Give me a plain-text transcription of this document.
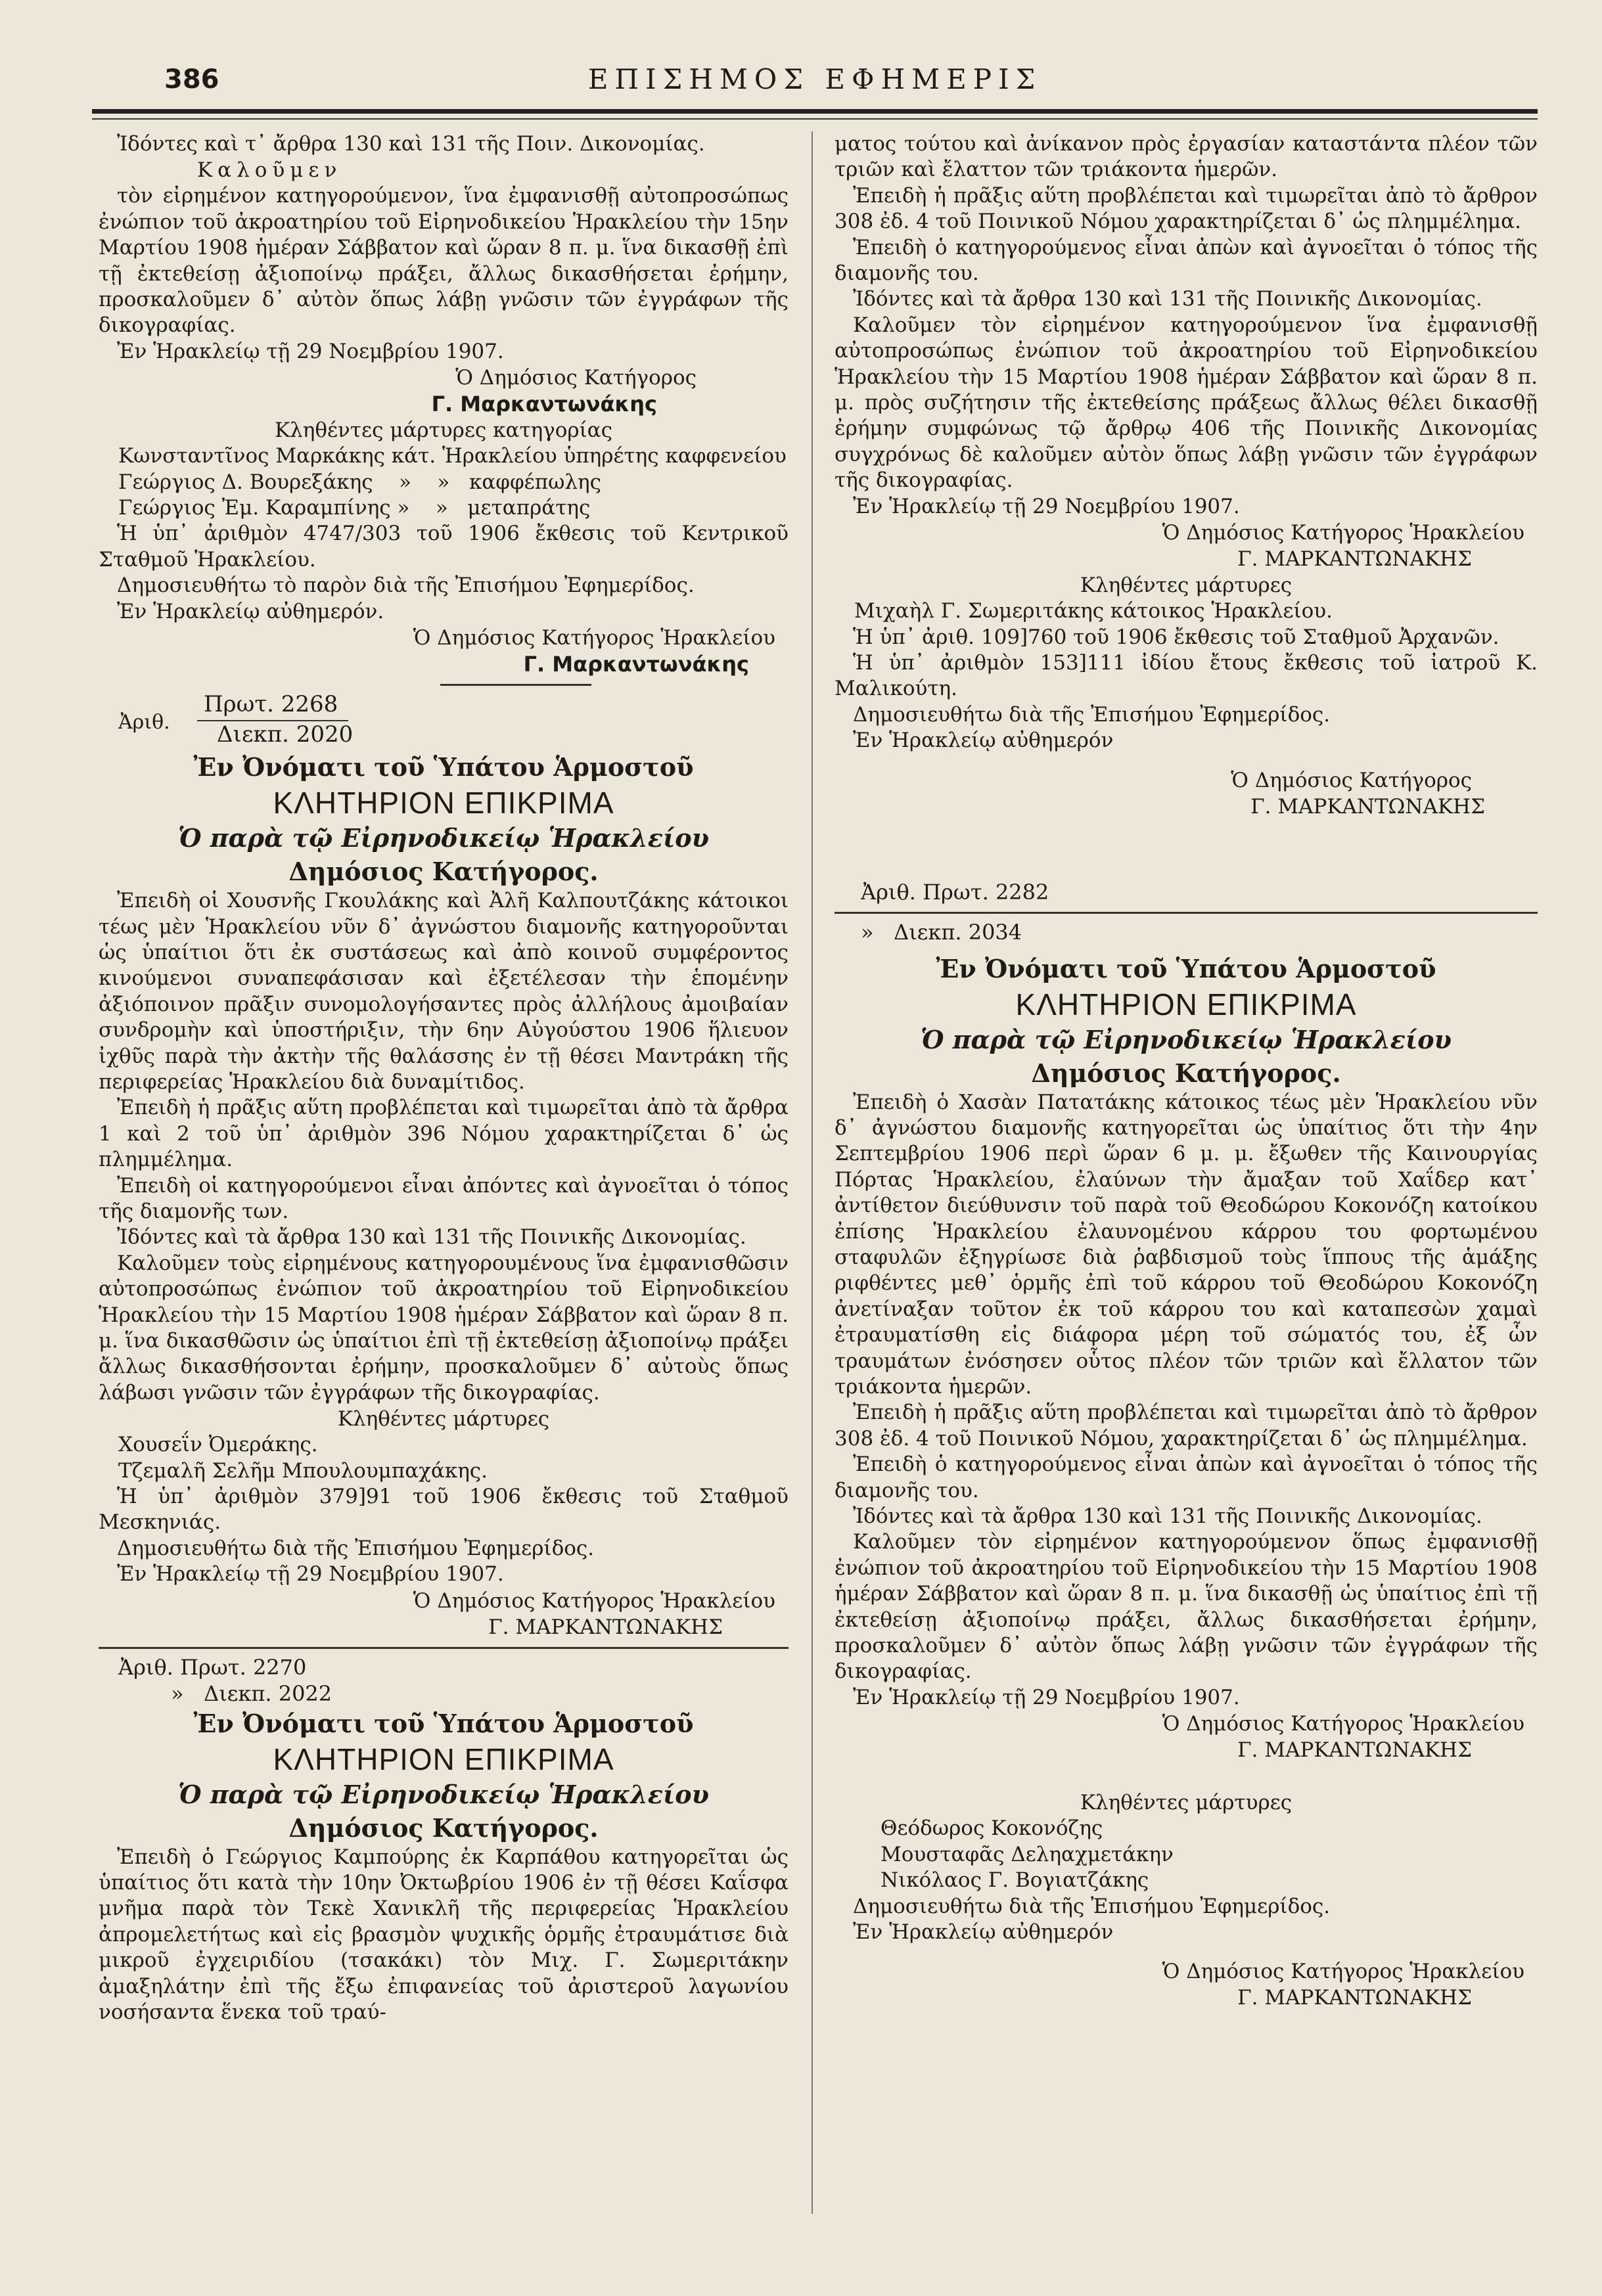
386	ΕΠΙΣΗΜΟΣ ΕΦΗΜΕΡΙΣ

Ἰδόντες καὶ τ᾽ ἄρθρα 130 καὶ 131 τῆς Ποιν. Δικονομίας.

Καλοῦμεν

τὸν εἰρημένον κατηγορούμενον, ἵνα ἐμφανισθῇ αὐτοπροσώπως ἐνώπιον τοῦ ἀκροατηρίου τοῦ Εἰρηνοδικείου Ἡρακλείου τὴν 15ην Μαρτίου 1908 ἡμέραν Σάββατον καὶ ὥραν 8 π. μ. ἵνα δικασθῇ ἐπὶ τῇ ἐκτεθείσῃ ἀξιοποίνῳ πράξει, ἄλλως δικασθήσεται ἐρήμην, προσκαλοῦμεν δ᾽ αὐτὸν ὅπως λάβῃ γνῶσιν τῶν ἐγγράφων τῆς δικογραφίας.

Ἐν Ἡρακλείῳ τῇ 29 Νοεμβρίου 1907.

Ὁ Δημόσιος Κατήγορος

Γ. Μαρκαντωνάκης

Κληθέντες μάρτυρες κατηγορίας

Κωνσταντῖνος Μαρκάκης κάτ. Ἡρακλείου ὑπηρέτης καφφενείου

Γεώργιος Δ. Βουρεξάκης    »    »   καφφέπωλης

Γεώργιος Ἐμ. Καραμπίνης »    »   μεταπράτης

Ἡ ὑπ᾽ ἀριθμὸν 4747/303 τοῦ 1906 ἔκθεσις τοῦ Κεντρικοῦ Σταθμοῦ Ἡρακλείου.

Δημοσιευθήτω τὸ παρὸν διὰ τῆς Ἐπισήμου Ἐφημερίδος.

Ἐν Ἡρακλείῳ αὐθημερόν.

Ὁ Δημόσιος Κατήγορος Ἡρακλείου

Γ. Μαρκαντωνάκης

Ἀριθ.
Πρωτ. 2268
Διεκπ. 2020

Ἐν Ὀνόματι τοῦ Ὑπάτου Ἁρμοστοῦ

ΚΛΗΤΗΡΙΟΝ ΕΠΙΚΡΙΜΑ

Ὁ παρὰ τῷ Εἰρηνοδικείῳ Ἡρακλείου

Δημόσιος Κατήγορος.

Ἐπειδὴ οἱ Χουσνῆς Γκουλάκης καὶ Ἀλῆ Καλπουτζάκης κάτοικοι τέως μὲν Ἡρακλείου νῦν δ᾽ ἀγνώστου διαμονῆς κατηγοροῦνται ὡς ὑπαίτιοι ὅτι ἐκ συστάσεως καὶ ἀπὸ κοινοῦ συμφέροντος κινούμενοι συναπεφάσισαν καὶ ἐξετέλεσαν τὴν ἑπομένην ἀξιόποινον πρᾶξιν συνομολογήσαντες πρὸς ἀλλήλους ἀμοιβαίαν συνδρομὴν καὶ ὑποστήριξιν, τὴν 6ην Αὐγούστου 1906 ἥλιευον ἰχθῦς παρὰ τὴν ἀκτὴν τῆς θαλάσσης ἐν τῇ θέσει Μαντράκη τῆς περιφερείας Ἡρακλείου διὰ δυναμίτιδος.

Ἐπειδὴ ἡ πρᾶξις αὕτη προβλέπεται καὶ τιμωρεῖται ἀπὸ τὰ ἄρθρα 1 καὶ 2 τοῦ ὑπ᾽ ἀριθμὸν 396 Νόμου χαρακτηρίζεται δ᾽ ὡς πλημμέλημα.

Ἐπειδὴ οἱ κατηγορούμενοι εἶναι ἀπόντες καὶ ἀγνοεῖται ὁ τόπος τῆς διαμονῆς των.

Ἰδόντες καὶ τὰ ἄρθρα 130 καὶ 131 τῆς Ποινικῆς Δικονομίας.

Καλοῦμεν τοὺς εἰρημένους κατηγορουμένους ἵνα ἐμφανισθῶσιν αὐτοπροσώπως ἐνώπιον τοῦ ἀκροατηρίου τοῦ Εἰρηνοδικείου Ἡρακλείου τὴν 15 Μαρτίου 1908 ἡμέραν Σάββατον καὶ ὥραν 8 π. μ. ἵνα δικασθῶσιν ὡς ὑπαίτιοι ἐπὶ τῇ ἐκτεθείσῃ ἀξιοποίνῳ πράξει ἄλλως δικασθήσονται ἐρήμην, προσκαλοῦμεν δ᾽ αὐτοὺς ὅπως λάβωσι γνῶσιν τῶν ἐγγράφων τῆς δικογραφίας.

Κληθέντες μάρτυρες

Χουσεΐν Ὀμεράκης.

Τζεμαλῆ Σελῆμ Μπουλουμπαχάκης.

Ἡ ὑπ᾽ ἀριθμὸν 379]91 τοῦ 1906 ἔκθεσις τοῦ Σταθμοῦ Μεσκηνιάς.

Δημοσιευθήτω διὰ τῆς Ἐπισήμου Ἐφημερίδος.

Ἐν Ἡρακλείῳ τῇ 29 Νοεμβρίου 1907.

Ὁ Δημόσιος Κατήγορος Ἡρακλείου

Γ. ΜΑΡΚΑΝΤΩΝΑΚΗΣ

Ἀριθ. Πρωτ. 2270

»   Διεκπ. 2022

Ἐν Ὀνόματι τοῦ Ὑπάτου Ἁρμοστοῦ

ΚΛΗΤΗΡΙΟΝ ΕΠΙΚΡΙΜΑ

Ὁ παρὰ τῷ Εἰρηνοδικείῳ Ἡρακλείου

Δημόσιος Κατήγορος.

Ἐπειδὴ ὁ Γεώργιος Καμπούρης ἐκ Καρπάθου κατηγορεῖται ὡς ὑπαίτιος ὅτι κατὰ τὴν 10ην Ὀκτωβρίου 1906 ἐν τῇ θέσει Καΐσφα μνῆμα παρὰ τὸν Τεκὲ Χανικλῆ τῆς περιφερείας Ἡρακλείου ἀπρομελετήτως καὶ εἰς βρασμὸν ψυχικῆς ὁρμῆς ἐτραυμάτισε διὰ μικροῦ ἐγχειριδίου (τσακάκι) τὸν Μιχ. Γ. Σωμεριτάκην ἀμαξηλάτην ἐπὶ τῆς ἔξω ἐπιφανείας τοῦ ἀριστεροῦ λαγωνίου νοσήσαντα ἕνεκα τοῦ τραύ-

ματος τούτου καὶ ἀνίκανον πρὸς ἐργασίαν καταστάντα πλέον τῶν τριῶν καὶ ἔλαττον τῶν τριάκοντα ἡμερῶν.

Ἐπειδὴ ἡ πρᾶξις αὕτη προβλέπεται καὶ τιμωρεῖται ἀπὸ τὸ ἄρθρον 308 ἐδ. 4 τοῦ Ποινικοῦ Νόμου χαρακτηρίζεται δ᾽ ὡς πλημμέλημα.

Ἐπειδὴ ὁ κατηγορούμενος εἶναι ἀπὼν καὶ ἀγνοεῖται ὁ τόπος τῆς διαμονῆς του.

Ἰδόντες καὶ τὰ ἄρθρα 130 καὶ 131 τῆς Ποινικῆς Δικονομίας.

Καλοῦμεν τὸν εἰρημένον κατηγορούμενον ἵνα ἐμφανισθῇ αὐτοπροσώπως ἐνώπιον τοῦ ἀκροατηρίου τοῦ Εἰρηνοδικείου Ἡρακλείου τὴν 15 Μαρτίου 1908 ἡμέραν Σάββατον καὶ ὥραν 8 π. μ. πρὸς συζήτησιν τῆς ἐκτεθείσης πράξεως ἄλλως θέλει δικασθῇ ἐρήμην συμφώνως τῷ ἄρθρῳ 406 τῆς Ποινικῆς Δικονομίας συγχρόνως δὲ καλοῦμεν αὐτὸν ὅπως λάβῃ γνῶσιν τῶν ἐγγράφων τῆς δικογραφίας.

Ἐν Ἡρακλείῳ τῇ 29 Νοεμβρίου 1907.

Ὁ Δημόσιος Κατήγορος Ἡρακλείου

Γ. ΜΑΡΚΑΝΤΩΝΑΚΗΣ

Κληθέντες μάρτυρες

Μιχαὴλ Γ. Σωμεριτάκης κάτοικος Ἡρακλείου.

Ἡ ὑπ᾽ ἀριθ. 109]760 τοῦ 1906 ἔκθεσις τοῦ Σταθμοῦ Ἀρχανῶν.

Ἡ ὑπ᾽ ἀριθμὸν 153]111 ἰδίου ἔτους ἔκθεσις τοῦ ἰατροῦ Κ. Μαλικούτη.

Δημοσιευθήτω διὰ τῆς Ἐπισήμου Ἐφημερίδος.

Ἐν Ἡρακλείῳ αὐθημερόν

Ὁ Δημόσιος Κατήγορος

Γ. ΜΑΡΚΑΝΤΩΝΑΚΗΣ

Ἀριθ. Πρωτ. 2282

»   Διεκπ. 2034

Ἐν Ὀνόματι τοῦ Ὑπάτου Ἁρμοστοῦ

ΚΛΗΤΗΡΙΟΝ ΕΠΙΚΡΙΜΑ

Ὁ παρὰ τῷ Εἰρηνοδικείῳ Ἡρακλείου

Δημόσιος Κατήγορος.

Ἐπειδὴ ὁ Χασὰν Πατατάκης κάτοικος τέως μὲν Ἡρακλείου νῦν δ᾽ ἀγνώστου διαμονῆς κατηγορεῖται ὡς ὑπαίτιος ὅτι τὴν 4ην Σεπτεμβρίου 1906 περὶ ὥραν 6 μ. μ. ἔξωθεν τῆς Καινουργίας Πόρτας Ἡρακλείου, ἐλαύνων τὴν ἄμαξαν τοῦ Χαΐδερ κατ᾽ ἀντίθετον διεύθυνσιν τοῦ παρὰ τοῦ Θεοδώρου Κοκονόζη κατοίκου ἐπίσης Ἡρακλείου ἐλαυνομένου κάρρου του φορτωμένου σταφυλῶν ἐξηγρίωσε διὰ ῥαβδισμοῦ τοὺς ἵππους τῆς ἁμάξης ριφθέντες μεθ᾽ ὁρμῆς ἐπὶ τοῦ κάρρου τοῦ Θεοδώρου Κοκονόζη ἀνετίναξαν τοῦτον ἐκ τοῦ κάρρου του καὶ καταπεσὼν χαμαὶ ἐτραυματίσθη εἰς διάφορα μέρη τοῦ σώματός του, ἐξ ὧν τραυμάτων ἐνόσησεν οὗτος πλέον τῶν τριῶν καὶ ἔλλατον τῶν τριάκοντα ἡμερῶν.

Ἐπειδὴ ἡ πρᾶξις αὕτη προβλέπεται καὶ τιμωρεῖται ἀπὸ τὸ ἄρθρον 308 ἐδ. 4 τοῦ Ποινικοῦ Νόμου, χαρακτηρίζεται δ᾽ ὡς πλημμέλημα.

Ἐπειδὴ ὁ κατηγορούμενος εἶναι ἀπὼν καὶ ἀγνοεῖται ὁ τόπος τῆς διαμονῆς του.

Ἰδόντες καὶ τὰ ἄρθρα 130 καὶ 131 τῆς Ποινικῆς Δικονομίας.

Καλοῦμεν τὸν εἰρημένον κατηγορούμενον ὅπως ἐμφανισθῇ ἐνώπιον τοῦ ἀκροατηρίου τοῦ Εἰρηνοδικείου τὴν 15 Μαρτίου 1908 ἡμέραν Σάββατον καὶ ὥραν 8 π. μ. ἵνα δικασθῇ ὡς ὑπαίτιος ἐπὶ τῇ ἐκτεθείσῃ ἀξιοποίνῳ πράξει, ἄλλως δικασθήσεται ἐρήμην, προσκαλοῦμεν δ᾽ αὐτὸν ὅπως λάβῃ γνῶσιν τῶν ἐγγράφων τῆς δικογραφίας.

Ἐν Ἡρακλείῳ τῇ 29 Νοεμβρίου 1907.

Ὁ Δημόσιος Κατήγορος Ἡρακλείου

Γ. ΜΑΡΚΑΝΤΩΝΑΚΗΣ

Κληθέντες μάρτυρες

Θεόδωρος Κοκονόζης

Μουσταφᾶς Δεληαχμετάκην

Νικόλαος Γ. Βογιατζάκης

Δημοσιευθήτω διὰ τῆς Ἐπισήμου Ἐφημερίδος.

Ἐν Ἡρακλείῳ αὐθημερόν

Ὁ Δημόσιος Κατήγορος Ἡρακλείου

Γ. ΜΑΡΚΑΝΤΩΝΑΚΗΣ
